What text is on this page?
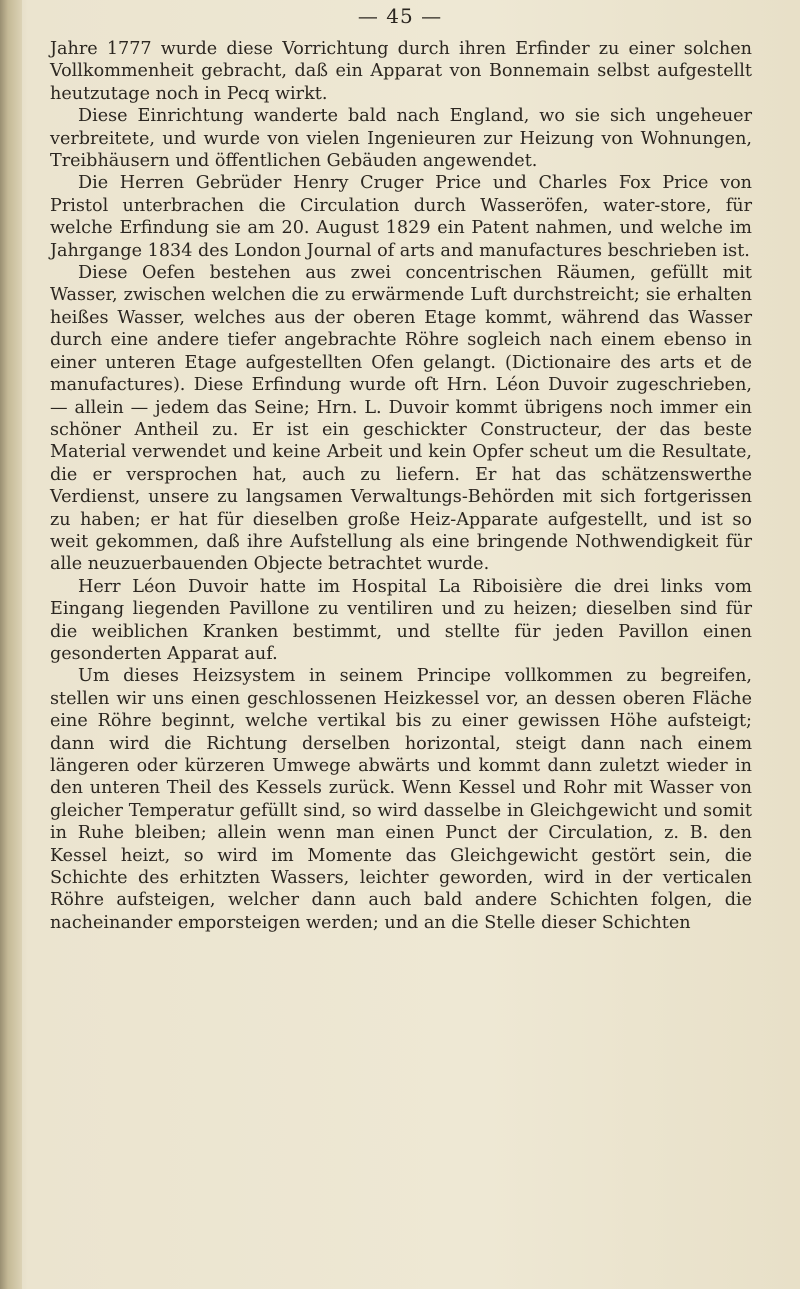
— 45 —

Jahre 1777 wurde diese Vorrichtung durch ihren Erfinder zu einer solchen Vollkommenheit gebracht, daß ein Apparat von Bonnemain selbst aufgestellt heutzutage noch in Pecq wirkt.

Diese Einrichtung wanderte bald nach England, wo sie sich ungeheuer verbreitete, und wurde von vielen Ingenieuren zur Heizung von Wohnungen, Treibhäusern und öffentlichen Gebäuden angewendet.

Die Herren Gebrüder Henry Cruger Price und Charles Fox Price von Pristol unterbrachen die Circulation durch Wasseröfen, water-store, für welche Erfindung sie am 20. August 1829 ein Patent nahmen, und welche im Jahrgange 1834 des London Journal of arts and manufactures beschrieben ist.

Diese Oefen bestehen aus zwei concentrischen Räumen, gefüllt mit Wasser, zwischen welchen die zu erwärmende Luft durchstreicht; sie erhalten heißes Wasser, welches aus der oberen Etage kommt, während das Wasser durch eine andere tiefer angebrachte Röhre sogleich nach einem ebenso in einer unteren Etage aufgestellten Ofen gelangt. (Dictionaire des arts et de manufactures). Diese Erfindung wurde oft Hrn. Léon Duvoir zugeschrieben, — allein — jedem das Seine; Hrn. L. Duvoir kommt übrigens noch immer ein schöner Antheil zu. Er ist ein geschickter Constructeur, der das beste Material verwendet und keine Arbeit und kein Opfer scheut um die Resultate, die er versprochen hat, auch zu liefern. Er hat das schätzenswerthe Verdienst, unsere zu langsamen Verwaltungs-Behörden mit sich fortgerissen zu haben; er hat für dieselben große Heiz-Apparate aufgestellt, und ist so weit gekommen, daß ihre Aufstellung als eine bringende Nothwendigkeit für alle neuzuerbauenden Objecte betrachtet wurde.

Herr Léon Duvoir hatte im Hospital La Riboisière die drei links vom Eingang liegenden Pavillone zu ventiliren und zu heizen; dieselben sind für die weiblichen Kranken bestimmt, und stellte für jeden Pavillon einen gesonderten Apparat auf.

Um dieses Heizsystem in seinem Principe vollkommen zu begreifen, stellen wir uns einen geschlossenen Heizkessel vor, an dessen oberen Fläche eine Röhre beginnt, welche vertikal bis zu einer gewissen Höhe aufsteigt; dann wird die Richtung derselben horizontal, steigt dann nach einem längeren oder kürzeren Umwege abwärts und kommt dann zuletzt wieder in den unteren Theil des Kessels zurück. Wenn Kessel und Rohr mit Wasser von gleicher Temperatur gefüllt sind, so wird dasselbe in Gleichgewicht und somit in Ruhe bleiben; allein wenn man einen Punct der Circulation, z. B. den Kessel heizt, so wird im Momente das Gleichgewicht gestört sein, die Schichte des erhitzten Wassers, leichter geworden, wird in der verticalen Röhre aufsteigen, welcher dann auch bald andere Schichten folgen, die nacheinander emporsteigen werden; und an die Stelle dieser Schichten
